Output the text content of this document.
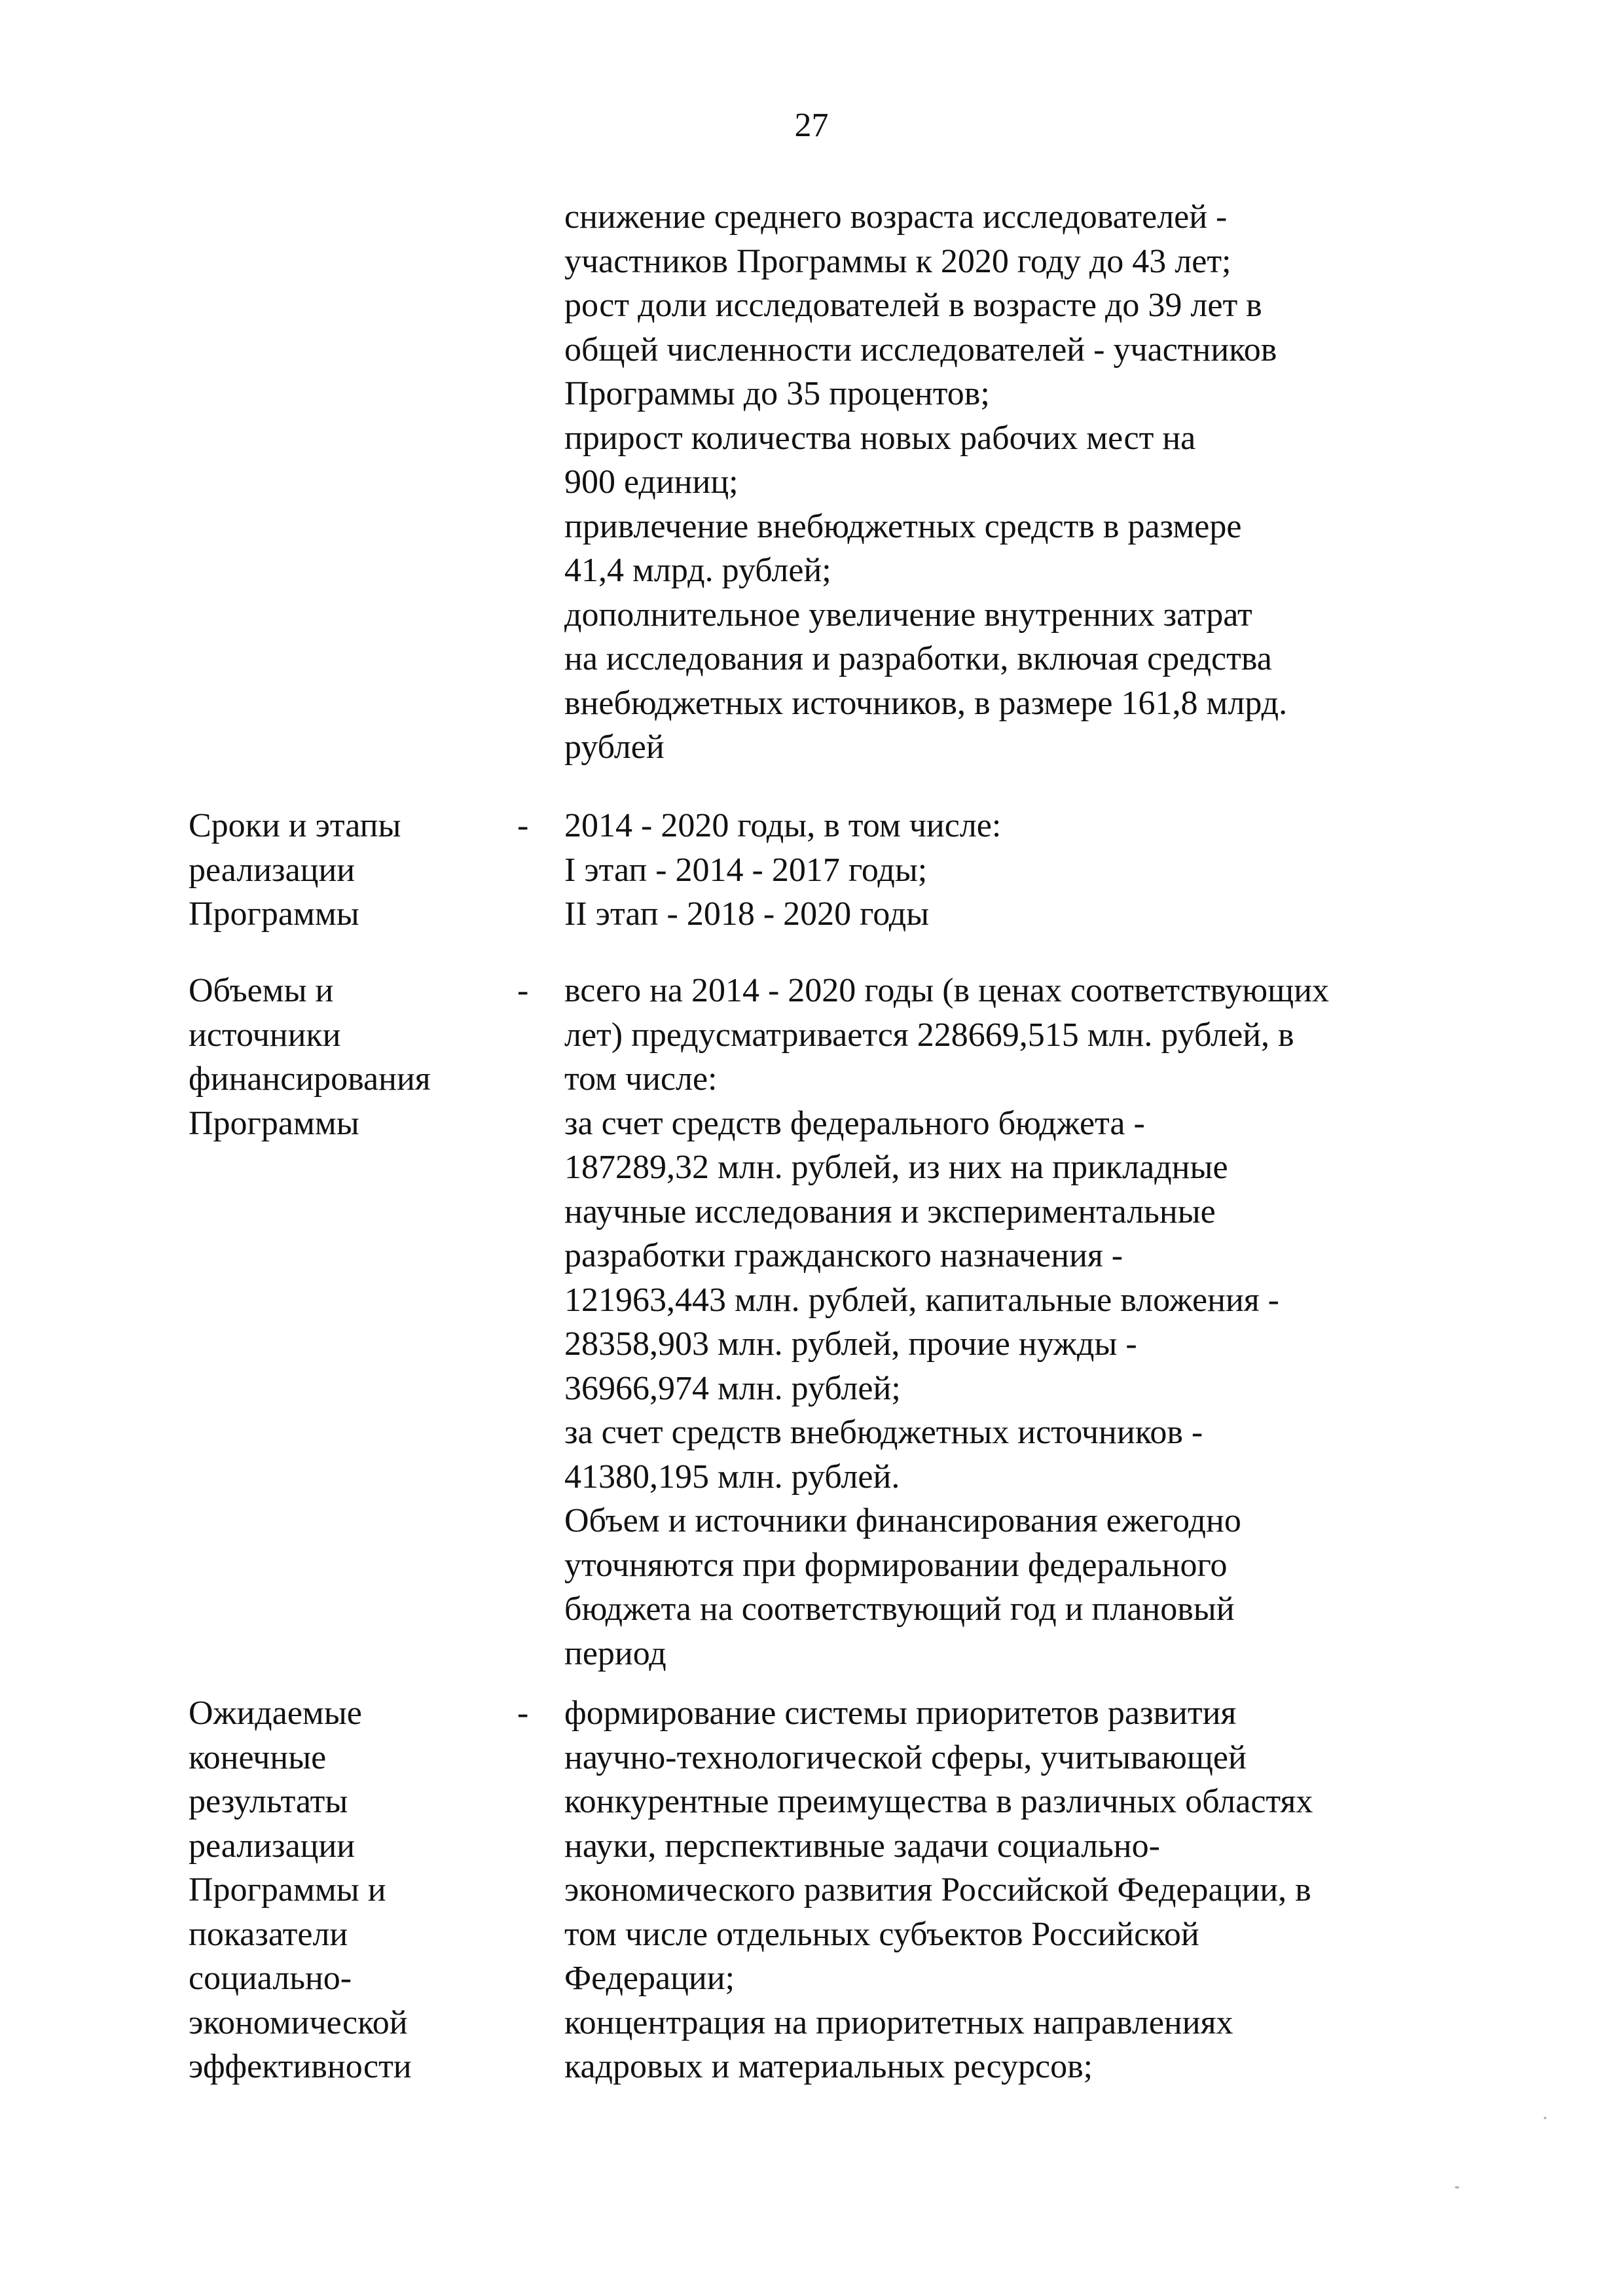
27
снижение среднего возраста исследователей -
участников Программы к 2020 году до 43 лет;
рост доли исследователей в возрасте до 39 лет в
общей численности исследователей - участников
Программы до 35 процентов;
прирост количества новых рабочих мест на
900 единиц;
привлечение внебюджетных средств в размере
41,4 млрд. рублей;
дополнительное увеличение внутренних затрат
на исследования и разработки, включая средства
внебюджетных источников, в размере 161,8 млрд.
рублей
Сроки и этапы
реализации
Программы
- 2014 - 2020 годы, в том числе:
I этап - 2014 - 2017 годы;
II этап - 2018 - 2020 годы
Объемы и
источники
финансирования
Программы
- всего на 2014 - 2020 годы (в ценах соответствующих
лет) предусматривается 228669,515 млн. рублей, в
том числе:
за счет средств федерального бюджета -
187289,32 млн. рублей, из них на прикладные
научные исследования и экспериментальные
разработки гражданского назначения -
121963,443 млн. рублей, капитальные вложения -
28358,903 млн. рублей, прочие нужды -
36966,974 млн. рублей;
за счет средств внебюджетных источников -
41380,195 млн. рублей.
Объем и источники финансирования ежегодно
уточняются при формировании федерального
бюджета на соответствующий год и плановый
период
Ожидаемые
конечные
результаты
реализации
Программы и
показатели
социально-
экономической
эффективности
- формирование системы приоритетов развития
научно-технологической сферы, учитывающей
конкурентные преимущества в различных областях
науки, перспективные задачи социально-
экономического развития Российской Федерации, в
том числе отдельных субъектов Российской
Федерации;
концентрация на приоритетных направлениях
кадровых и материальных ресурсов;
